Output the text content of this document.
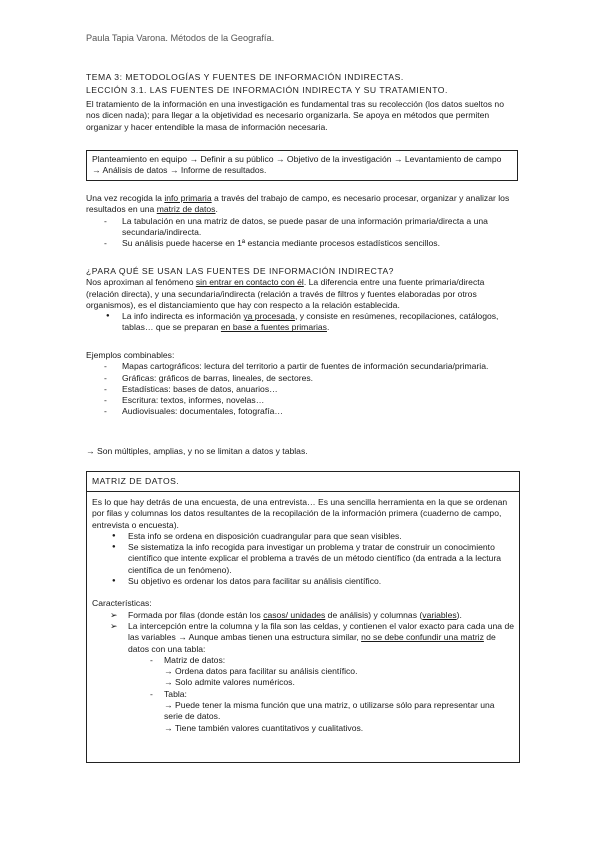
Paula Tapia Varona. Métodos de la Geografía.
TEMA 3: METODOLOGÍAS Y FUENTES DE INFORMACIÓN INDIRECTAS.
LECCIÓN 3.1. LAS FUENTES DE INFORMACIÓN INDIRECTA Y SU TRATAMIENTO.

El tratamiento de la información en una investigación es fundamental tras su recolección (los datos sueltos no nos dicen nada); para llegar a la objetividad es necesario organizarla. Se apoya en métodos que permiten organizar y hacer entendible la masa de información necesaria.

Planteamiento en equipo → Definir a su público → Objetivo de la investigación → Levantamiento de campo → Análisis de datos → Informe de resultados.

Una vez recogida la info primaria a través del trabajo de campo, es necesario procesar, organizar y analizar los resultados en una matriz de datos.

- La tabulación en una matriz de datos, se puede pasar de una información primaria/directa a una secundaria/indirecta.
- Su análisis puede hacerse en 1ª estancia mediante procesos estadísticos sencillos.

¿PARA QUÉ SE USAN LAS FUENTES DE INFORMACIÓN INDIRECTA?

Nos aproximan al fenómeno sin entrar en contacto con él. La diferencia entre una fuente primaria/directa (relación directa), y una secundaria/indirecta (relación a través de filtros y fuentes elaboradas por otros organismos), es el distanciamiento que hay con respecto a la relación establecida.

● La info indirecta es información ya procesada, y consiste en resúmenes, recopilaciones, catálogos, tablas… que se preparan en base a fuentes primarias.

Ejemplos combinables:

- Mapas cartográficos: lectura del territorio a partir de fuentes de información secundaria/primaria.
- Gráficas: gráficos de barras, lineales, de sectores.
- Estadísticas: bases de datos, anuarios…
- Escritura: textos, informes, novelas…
- Audiovisuales: documentales, fotografía…

→ Son múltiples, amplias, y no se limitan a datos y tablas.

MATRIZ DE DATOS.

Es lo que hay detrás de una encuesta, de una entrevista… Es una sencilla herramienta en la que se ordenan por filas y columnas los datos resultantes de la recopilación de la información primera (cuaderno de campo, entrevista o encuesta).

● Esta info se ordena en disposición cuadrangular para que sean visibles.
● Se sistematiza la info recogida para investigar un problema y tratar de construir un conocimiento científico que intente explicar el problema a través de un método científico (da entrada a la lectura científica de un fenómeno).
● Su objetivo es ordenar los datos para facilitar su análisis científico.

Características:

➢ Formada por filas (donde están los casos/ unidades de análisis) y columnas (variables).
➢ La intercepción entre la columna y la fila son las celdas, y contienen el valor exacto para cada una de las variables → Aunque ambas tienen una estructura similar, no se debe confundir una matriz de datos con una tabla:
- Matriz de datos:
→ Ordena datos para facilitar su análisis científico.
→ Solo admite valores numéricos.
- Tabla:
→ Puede tener la misma función que una matriz, o utilizarse sólo para representar una serie de datos.
→ Tiene también valores cuantitativos y cualitativos.
